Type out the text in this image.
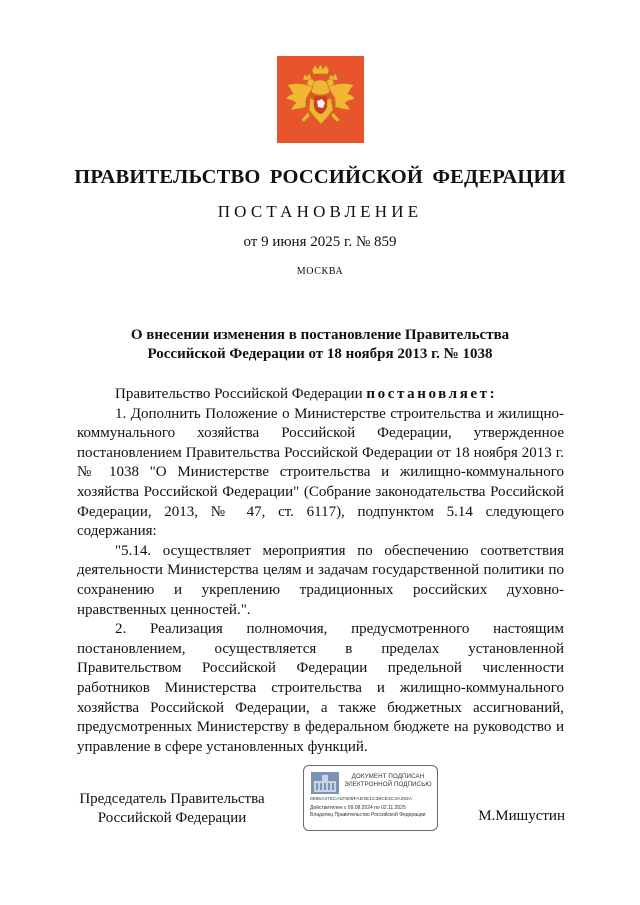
ПРАВИТЕЛЬСТВО РОССИЙСКОЙ ФЕДЕРАЦИИ
ПОСТАНОВЛЕНИЕ
от 9 июня 2025 г. № 859
МОСКВА
О внесении изменения в постановление Правительства
Российской Федерации от 18 ноября 2013 г. № 1038

Правительство Российской Федерации постановляет:

1. Дополнить Положение о Министерстве строительства и жилищно-коммунального хозяйства Российской Федерации, утвержденное постановлением Правительства Российской Федерации от 18 ноября 2013 г. № 1038 "О Министерстве строительства и жилищно-коммунального хозяйства Российской Федерации" (Собрание законодательства Российской Федерации, 2013, № 47, ст. 6117), подпунктом 5.14 следующего содержания:

"5.14. осуществляет мероприятия по обеспечению соответствия деятельности Министерства целям и задачам государственной политики по сохранению и укреплению традиционных российских духовно-нравственных ценностей.".

2. Реализация полномочия, предусмотренного настоящим постановлением, осуществляется в пределах установленной Правительством Российской Федерации предельной численности работников Министерства строительства и жилищно-коммунального хозяйства Российской Федерации, а также бюджетных ассигнований, предусмотренных Министерству в федеральном бюджете на руководство и управление в сфере установленных функций.

Председатель Правительства
Российской Федерации
ДОКУМЕНТ ПОДПИСАН
ЭЛЕКТРОННОЙ ПОДПИСЬЮ
0085A475CA1F608FAD4E1C38CE2C4A282A
Действителен с 09.08.2024 по 02.11.2025
Владелец Правительство Российской Федерации	М.Мишустин
